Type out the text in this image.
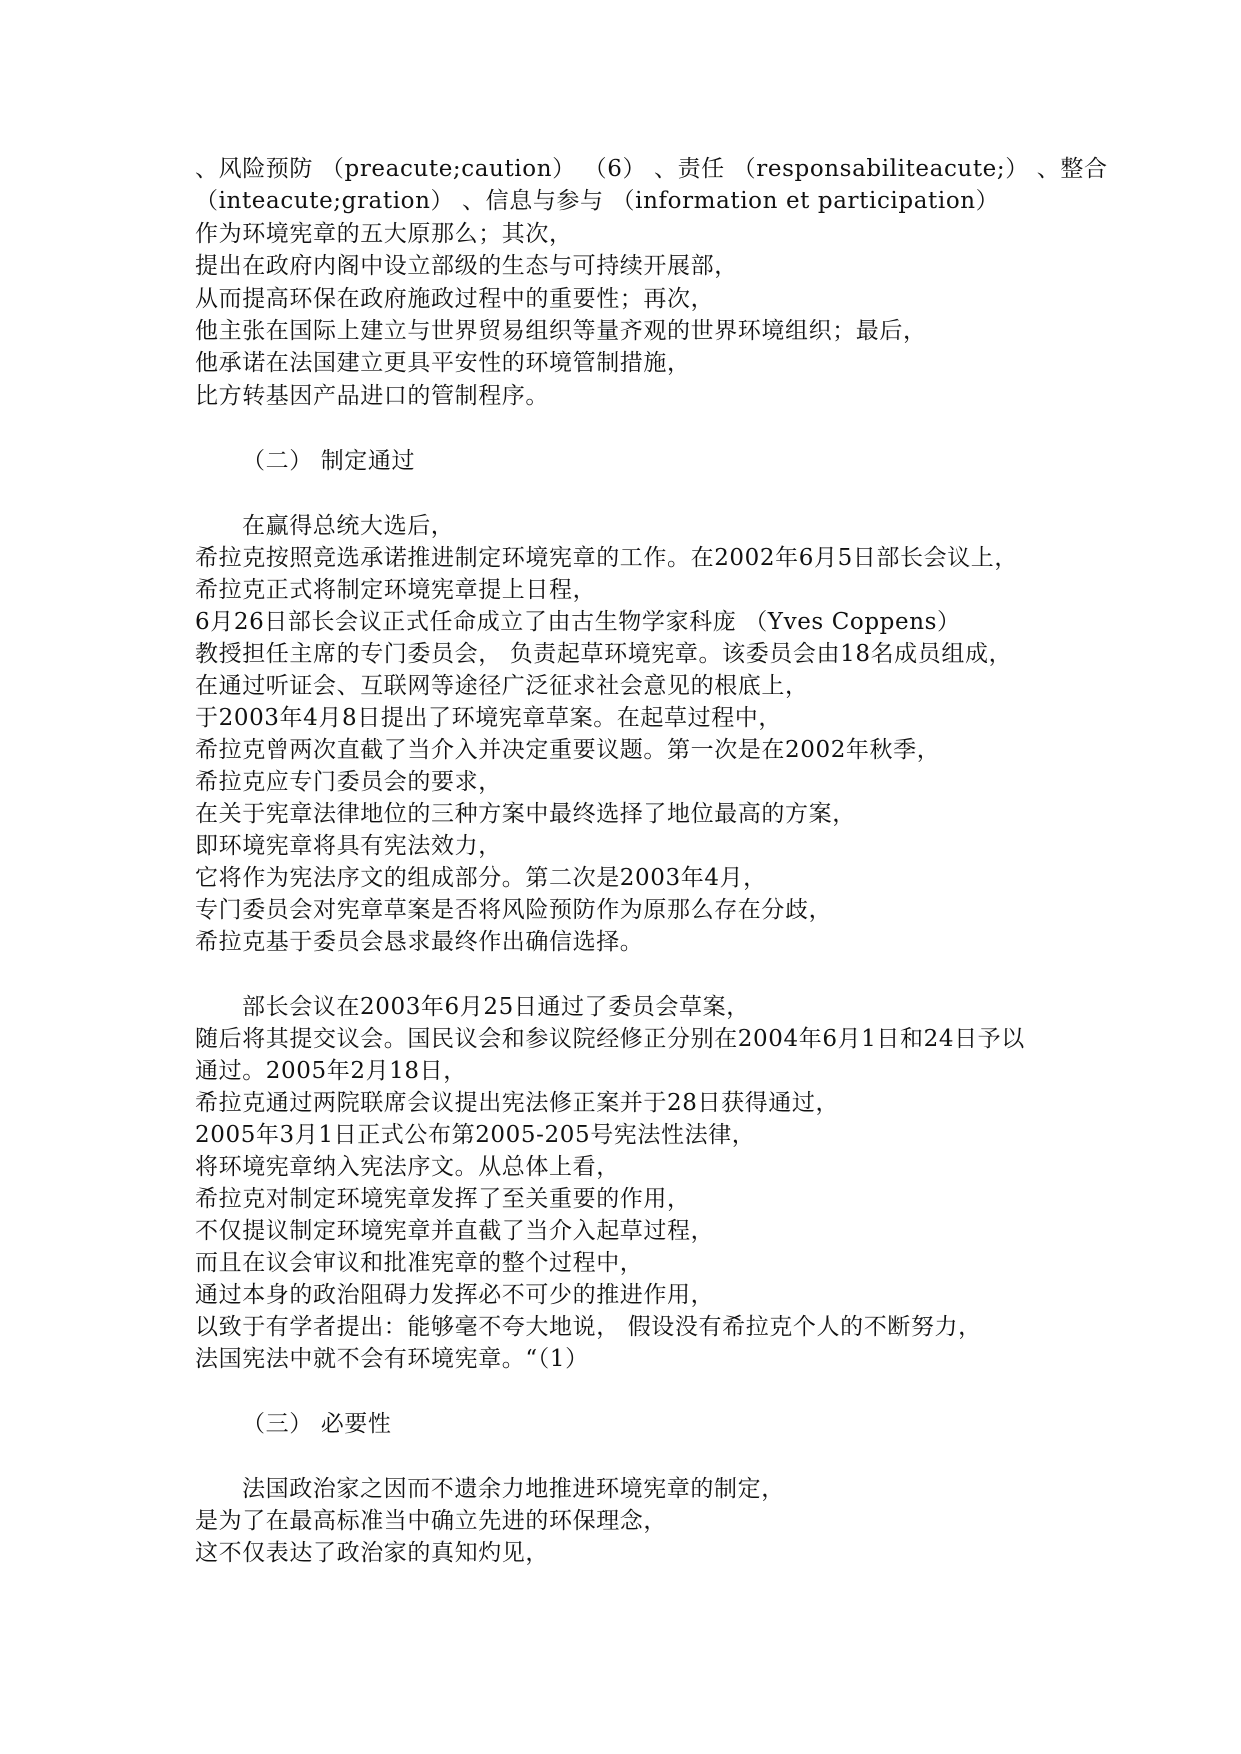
、风险预防 （preacute;caution） （6） 、责任 （responsabiliteacute;） 、整合
（inteacute;gration） 、信息与参与 （information et participation）
作为环境宪章的五大原那么；其次，
提出在政府内阁中设立部级的生态与可持续开展部，
从而提高环保在政府施政过程中的重要性；再次，
他主张在国际上建立与世界贸易组织等量齐观的世界环境组织；最后，
他承诺在法国建立更具平安性的环境管制措施，
比方转基因产品进口的管制程序。
（二） 制定通过
在赢得总统大选后，
希拉克按照竞选承诺推进制定环境宪章的工作。在2002年6月5日部长会议上，
希拉克正式将制定环境宪章提上日程，
6月26日部长会议正式任命成立了由古生物学家科庞 （Yves Coppens）
教授担任主席的专门委员会， 负责起草环境宪章。该委员会由18名成员组成，
在通过听证会、互联网等途径广泛征求社会意见的根底上，
于2003年4月8日提出了环境宪章草案。在起草过程中，
希拉克曾两次直截了当介入并决定重要议题。第一次是在2002年秋季，
希拉克应专门委员会的要求，
在关于宪章法律地位的三种方案中最终选择了地位最高的方案，
即环境宪章将具有宪法效力，
它将作为宪法序文的组成部分。第二次是2003年4月，
专门委员会对宪章草案是否将风险预防作为原那么存在分歧，
希拉克基于委员会恳求最终作出确信选择。
部长会议在2003年6月25日通过了委员会草案，
随后将其提交议会。国民议会和参议院经修正分别在2004年6月1日和24日予以
通过。2005年2月18日，
希拉克通过两院联席会议提出宪法修正案并于28日获得通过，
2005年3月1日正式公布第2005-205号宪法性法律，
将环境宪章纳入宪法序文。从总体上看，
希拉克对制定环境宪章发挥了至关重要的作用，
不仅提议制定环境宪章并直截了当介入起草过程，
而且在议会审议和批准宪章的整个过程中，
通过本身的政治阻碍力发挥必不可少的推进作用，
以致于有学者提出：能够毫不夸大地说， 假设没有希拉克个人的不断努力，
法国宪法中就不会有环境宪章。“（1）
（三） 必要性
法国政治家之因而不遗余力地推进环境宪章的制定，
是为了在最高标准当中确立先进的环保理念，
这不仅表达了政治家的真知灼见，
